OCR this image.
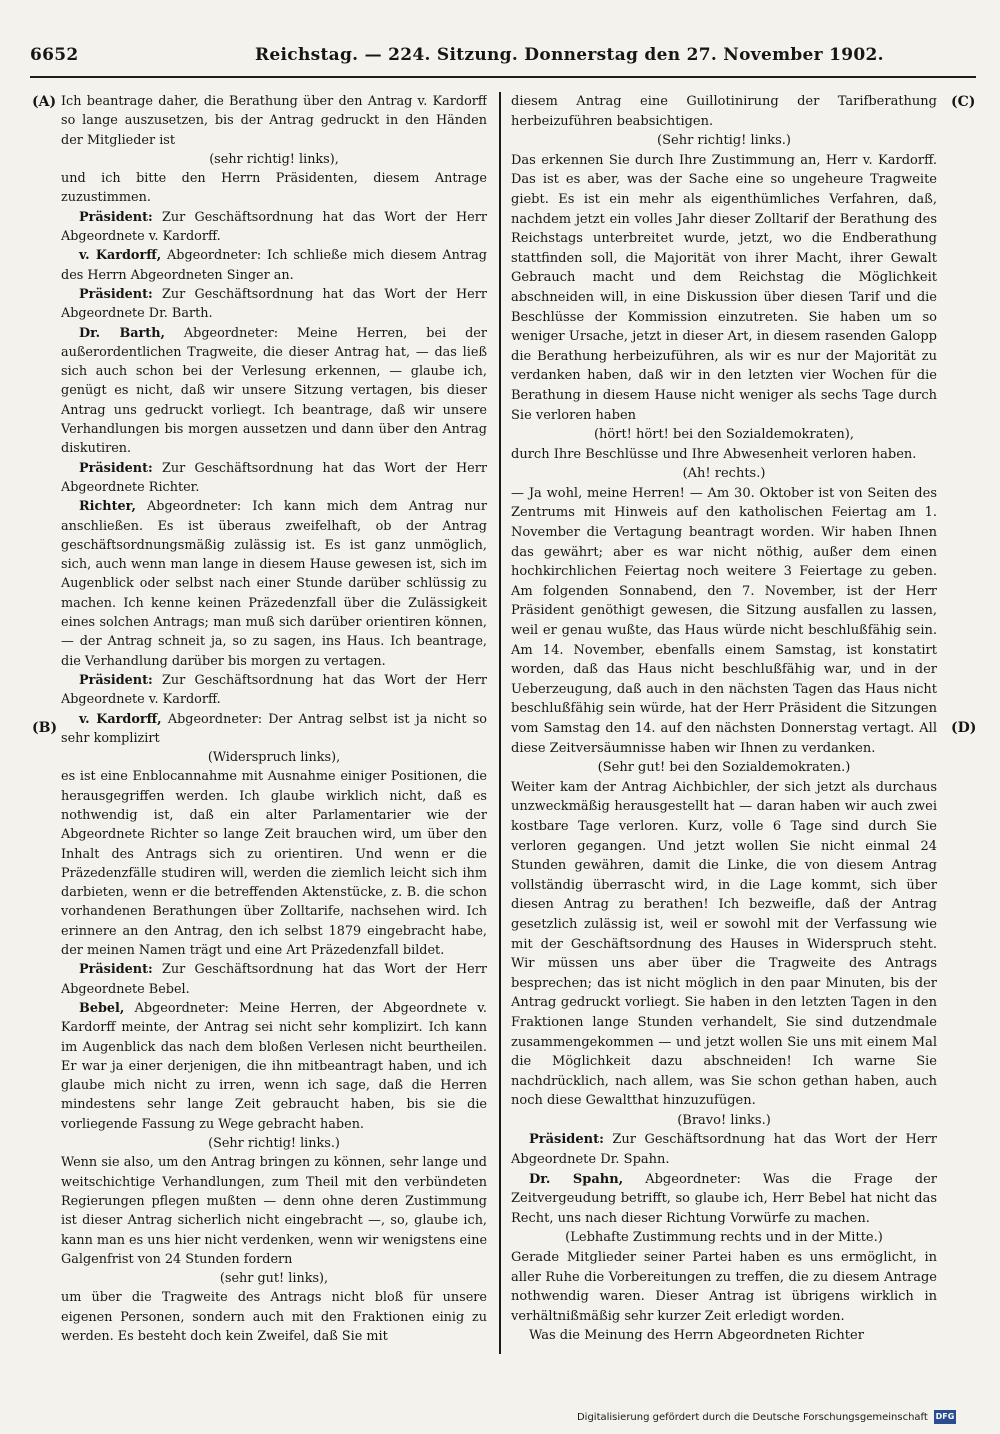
6652	Reichstag. — 224. Sitzung. Donnerstag den 27. November 1902.
(A)
(B)
(C)
(D)

Ich beantrage daher, die Berathung über den Antrag v. Kardorff so lange auszusetzen, bis der Antrag gedruckt in den Händen der Mitglieder ist

(sehr richtig! links),

und ich bitte den Herrn Präsidenten, diesem Antrage zuzustimmen.

Präsident: Zur Geschäftsordnung hat das Wort der Herr Abgeordnete v. Kardorff.

v. Kardorff, Abgeordneter: Ich schließe mich diesem Antrag des Herrn Abgeordneten Singer an.

Präsident: Zur Geschäftsordnung hat das Wort der Herr Abgeordnete Dr. Barth.

Dr. Barth, Abgeordneter: Meine Herren, bei der außerordentlichen Tragweite, die dieser Antrag hat, — das ließ sich auch schon bei der Verlesung erkennen, — glaube ich, genügt es nicht, daß wir unsere Sitzung vertagen, bis dieser Antrag uns gedruckt vorliegt. Ich beantrage, daß wir unsere Verhandlungen bis morgen aussetzen und dann über den Antrag diskutiren.

Präsident: Zur Geschäftsordnung hat das Wort der Herr Abgeordnete Richter.

Richter, Abgeordneter: Ich kann mich dem Antrag nur anschließen. Es ist überaus zweifelhaft, ob der Antrag geschäftsordnungsmäßig zulässig ist. Es ist ganz unmöglich, sich, auch wenn man lange in diesem Hause gewesen ist, sich im Augenblick oder selbst nach einer Stunde darüber schlüssig zu machen. Ich kenne keinen Präzedenzfall über die Zulässigkeit eines solchen Antrags; man muß sich darüber orientiren können, — der Antrag schneit ja, so zu sagen, ins Haus. Ich beantrage, die Verhandlung darüber bis morgen zu vertagen.

Präsident: Zur Geschäftsordnung hat das Wort der Herr Abgeordnete v. Kardorff.

v. Kardorff, Abgeordneter: Der Antrag selbst ist ja nicht so sehr komplizirt

(Widerspruch links),

es ist eine Enblocannahme mit Ausnahme einiger Positionen, die herausgegriffen werden. Ich glaube wirklich nicht, daß es nothwendig ist, daß ein alter Parlamentarier wie der Abgeordnete Richter so lange Zeit brauchen wird, um über den Inhalt des Antrags sich zu orientiren. Und wenn er die Präzedenzfälle studiren will, werden die ziemlich leicht sich ihm darbieten, wenn er die betreffenden Aktenstücke, z. B. die schon vorhandenen Berathungen über Zolltarife, nachsehen wird. Ich erinnere an den Antrag, den ich selbst 1879 eingebracht habe, der meinen Namen trägt und eine Art Präzedenzfall bildet.

Präsident: Zur Geschäftsordnung hat das Wort der Herr Abgeordnete Bebel.

Bebel, Abgeordneter: Meine Herren, der Abgeordnete v. Kardorff meinte, der Antrag sei nicht sehr komplizirt. Ich kann im Augenblick das nach dem bloßen Verlesen nicht beurtheilen. Er war ja einer derjenigen, die ihn mitbeantragt haben, und ich glaube mich nicht zu irren, wenn ich sage, daß die Herren mindestens sehr lange Zeit gebraucht haben, bis sie die vorliegende Fassung zu Wege gebracht haben.

(Sehr richtig! links.)

Wenn sie also, um den Antrag bringen zu können, sehr lange und weitschichtige Verhandlungen, zum Theil mit den verbündeten Regierungen pflegen mußten — denn ohne deren Zustimmung ist dieser Antrag sicherlich nicht eingebracht —, so, glaube ich, kann man es uns hier nicht verdenken, wenn wir wenigstens eine Galgenfrist von 24 Stunden fordern

(sehr gut! links),

um über die Tragweite des Antrags nicht bloß für unsere eigenen Personen, sondern auch mit den Fraktionen einig zu werden. Es besteht doch kein Zweifel, daß Sie mit

diesem Antrag eine Guillotinirung der Tarifberathung herbeizuführen beabsichtigen.

(Sehr richtig! links.)

Das erkennen Sie durch Ihre Zustimmung an, Herr v. Kardorff. Das ist es aber, was der Sache eine so ungeheure Tragweite giebt. Es ist ein mehr als eigenthümliches Verfahren, daß, nachdem jetzt ein volles Jahr dieser Zolltarif der Berathung des Reichstags unterbreitet wurde, jetzt, wo die Endberathung stattfinden soll, die Majorität von ihrer Macht, ihrer Gewalt Gebrauch macht und dem Reichstag die Möglichkeit abschneiden will, in eine Diskussion über diesen Tarif und die Beschlüsse der Kommission einzutreten. Sie haben um so weniger Ursache, jetzt in dieser Art, in diesem rasenden Galopp die Berathung herbeizuführen, als wir es nur der Majorität zu verdanken haben, daß wir in den letzten vier Wochen für die Berathung in diesem Hause nicht weniger als sechs Tage durch Sie verloren haben

(hört! hört! bei den Sozialdemokraten),

durch Ihre Beschlüsse und Ihre Abwesenheit verloren haben.

(Ah! rechts.)

— Ja wohl, meine Herren! — Am 30. Oktober ist von Seiten des Zentrums mit Hinweis auf den katholischen Feiertag am 1. November die Vertagung beantragt worden. Wir haben Ihnen das gewährt; aber es war nicht nöthig, außer dem einen hochkirchlichen Feiertag noch weitere 3 Feiertage zu geben. Am folgenden Sonnabend, den 7. November, ist der Herr Präsident genöthigt gewesen, die Sitzung ausfallen zu lassen, weil er genau wußte, das Haus würde nicht beschlußfähig sein. Am 14. November, ebenfalls einem Samstag, ist konstatirt worden, daß das Haus nicht beschlußfähig war, und in der Ueberzeugung, daß auch in den nächsten Tagen das Haus nicht beschlußfähig sein würde, hat der Herr Präsident die Sitzungen vom Samstag den 14. auf den nächsten Donnerstag vertagt. All diese Zeitversäumnisse haben wir Ihnen zu verdanken.

(Sehr gut! bei den Sozialdemokraten.)

Weiter kam der Antrag Aichbichler, der sich jetzt als durchaus unzweckmäßig herausgestellt hat — daran haben wir auch zwei kostbare Tage verloren. Kurz, volle 6 Tage sind durch Sie verloren gegangen. Und jetzt wollen Sie nicht einmal 24 Stunden gewähren, damit die Linke, die von diesem Antrag vollständig überrascht wird, in die Lage kommt, sich über diesen Antrag zu berathen! Ich bezweifle, daß der Antrag gesetzlich zulässig ist, weil er sowohl mit der Verfassung wie mit der Geschäftsordnung des Hauses in Widerspruch steht. Wir müssen uns aber über die Tragweite des Antrags besprechen; das ist nicht möglich in den paar Minuten, bis der Antrag gedruckt vorliegt. Sie haben in den letzten Tagen in den Fraktionen lange Stunden verhandelt, Sie sind dutzendmale zusammengekommen — und jetzt wollen Sie uns mit einem Mal die Möglichkeit dazu abschneiden! Ich warne Sie nachdrücklich, nach allem, was Sie schon gethan haben, auch noch diese Gewaltthat hinzuzufügen.

(Bravo! links.)

Präsident: Zur Geschäftsordnung hat das Wort der Herr Abgeordnete Dr. Spahn.

Dr. Spahn, Abgeordneter: Was die Frage der Zeitvergeudung betrifft, so glaube ich, Herr Bebel hat nicht das Recht, uns nach dieser Richtung Vorwürfe zu machen.

(Lebhafte Zustimmung rechts und in der Mitte.)

Gerade Mitglieder seiner Partei haben es uns ermöglicht, in aller Ruhe die Vorbereitungen zu treffen, die zu diesem Antrage nothwendig waren. Dieser Antrag ist übrigens wirklich in verhältnißmäßig sehr kurzer Zeit erledigt worden.

Was die Meinung des Herrn Abgeordneten Richter

Digitalisierung gefördert durch die Deutsche Forschungsgemeinschaft DFG
